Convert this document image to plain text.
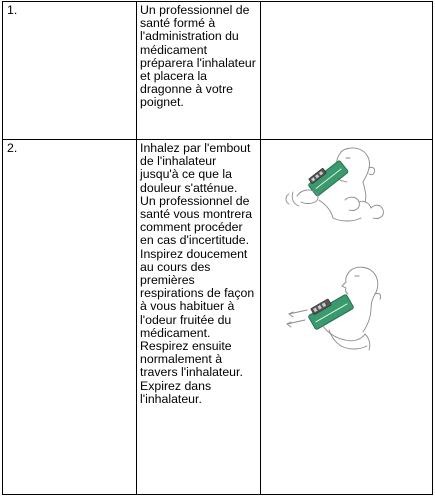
1.	Un professionnel de santé formé à l'administration du médicament préparera l'inhalateur et placera la dragonne à votre poignet.	
2.	Inhalez par l'embout de l'inhalateur jusqu'à ce que la douleur s'atténue. Un professionnel de santé vous montrera comment procéder en cas d'incertitude. Inspirez doucement au cours des premières respirations de façon à vous habituer à l'odeur fruitée du médicament. Respirez ensuite normalement à travers l'inhalateur. Expirez dans l'inhalateur.	
